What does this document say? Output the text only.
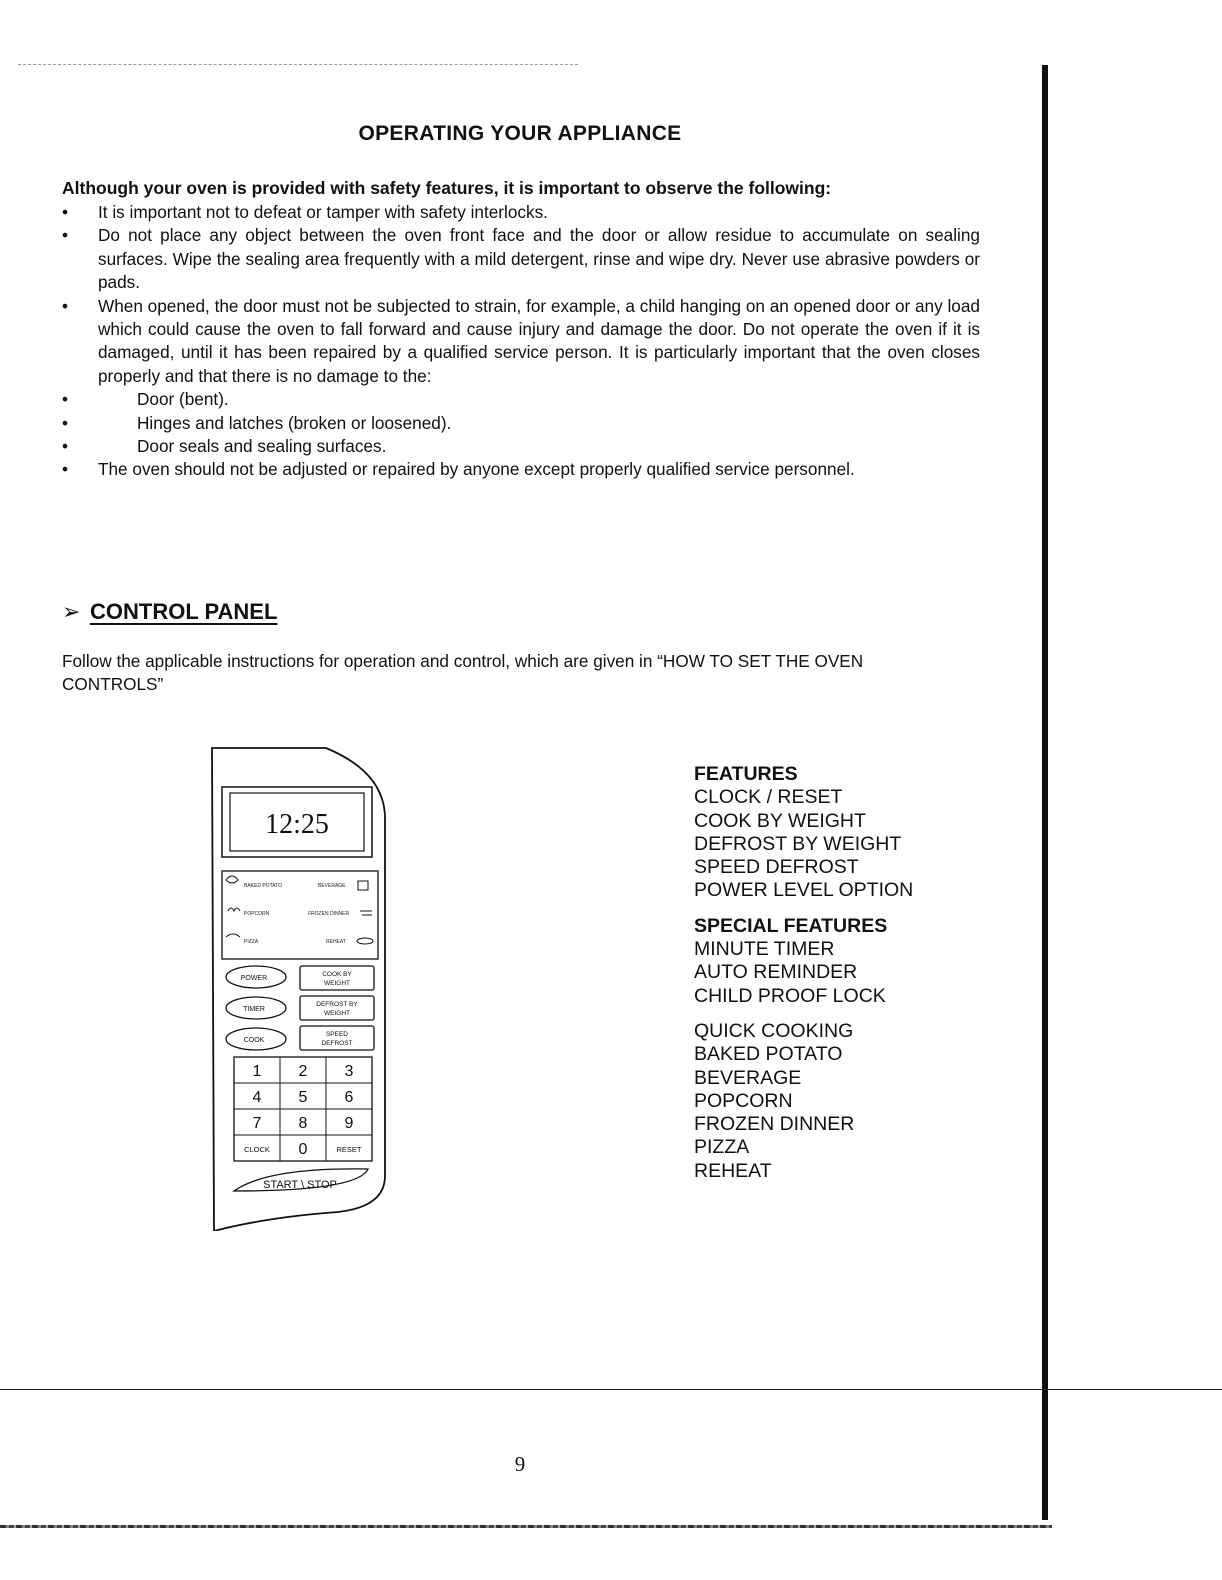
OPERATING YOUR APPLIANCE
Although your oven is provided with safety features, it is important to observe the following:
• It is important not to defeat or tamper with safety interlocks.
• Do not place any object between the oven front face and the door or allow residue to accumulate on sealing surfaces. Wipe the sealing area frequently with a mild detergent, rinse and wipe dry. Never use abrasive powders or pads.
• When opened, the door must not be subjected to strain, for example, a child hanging on an opened door or any load which could cause the oven to fall forward and cause injury and damage the door. Do not operate the oven if it is damaged, until it has been repaired by a qualified service person. It is particularly important that the oven closes properly and that there is no damage to the:
•	Door (bent).
•	Hinges and latches (broken or loosened).
•	Door seals and sealing surfaces.
• The oven should not be adjusted or repaired by anyone except properly qualified service personnel.
➢ CONTROL PANEL
Follow the applicable instructions for operation and control, which are given in “HOW TO SET THE OVEN CONTROLS”
12:25
BAKED POTATO	BEVERAGE
POPCORN	FROZEN DINNER
PIZZA	REHEAT
POWER
TIMER
COOK
COOK BY
WEIGHT
DEFROST BY
WEIGHT
SPEED
DEFROST
1 2 3
4 5 6
7 8 9
CLOCK 0	RESET
START \ STOP
FEATURES
CLOCK / RESET
COOK BY WEIGHT
DEFROST BY WEIGHT
SPEED DEFROST
POWER LEVEL OPTION
SPECIAL FEATURES
MINUTE TIMER
AUTO REMINDER
CHILD PROOF LOCK
QUICK COOKING
BAKED POTATO
BEVERAGE
POPCORN
FROZEN DINNER
PIZZA
REHEAT
9
